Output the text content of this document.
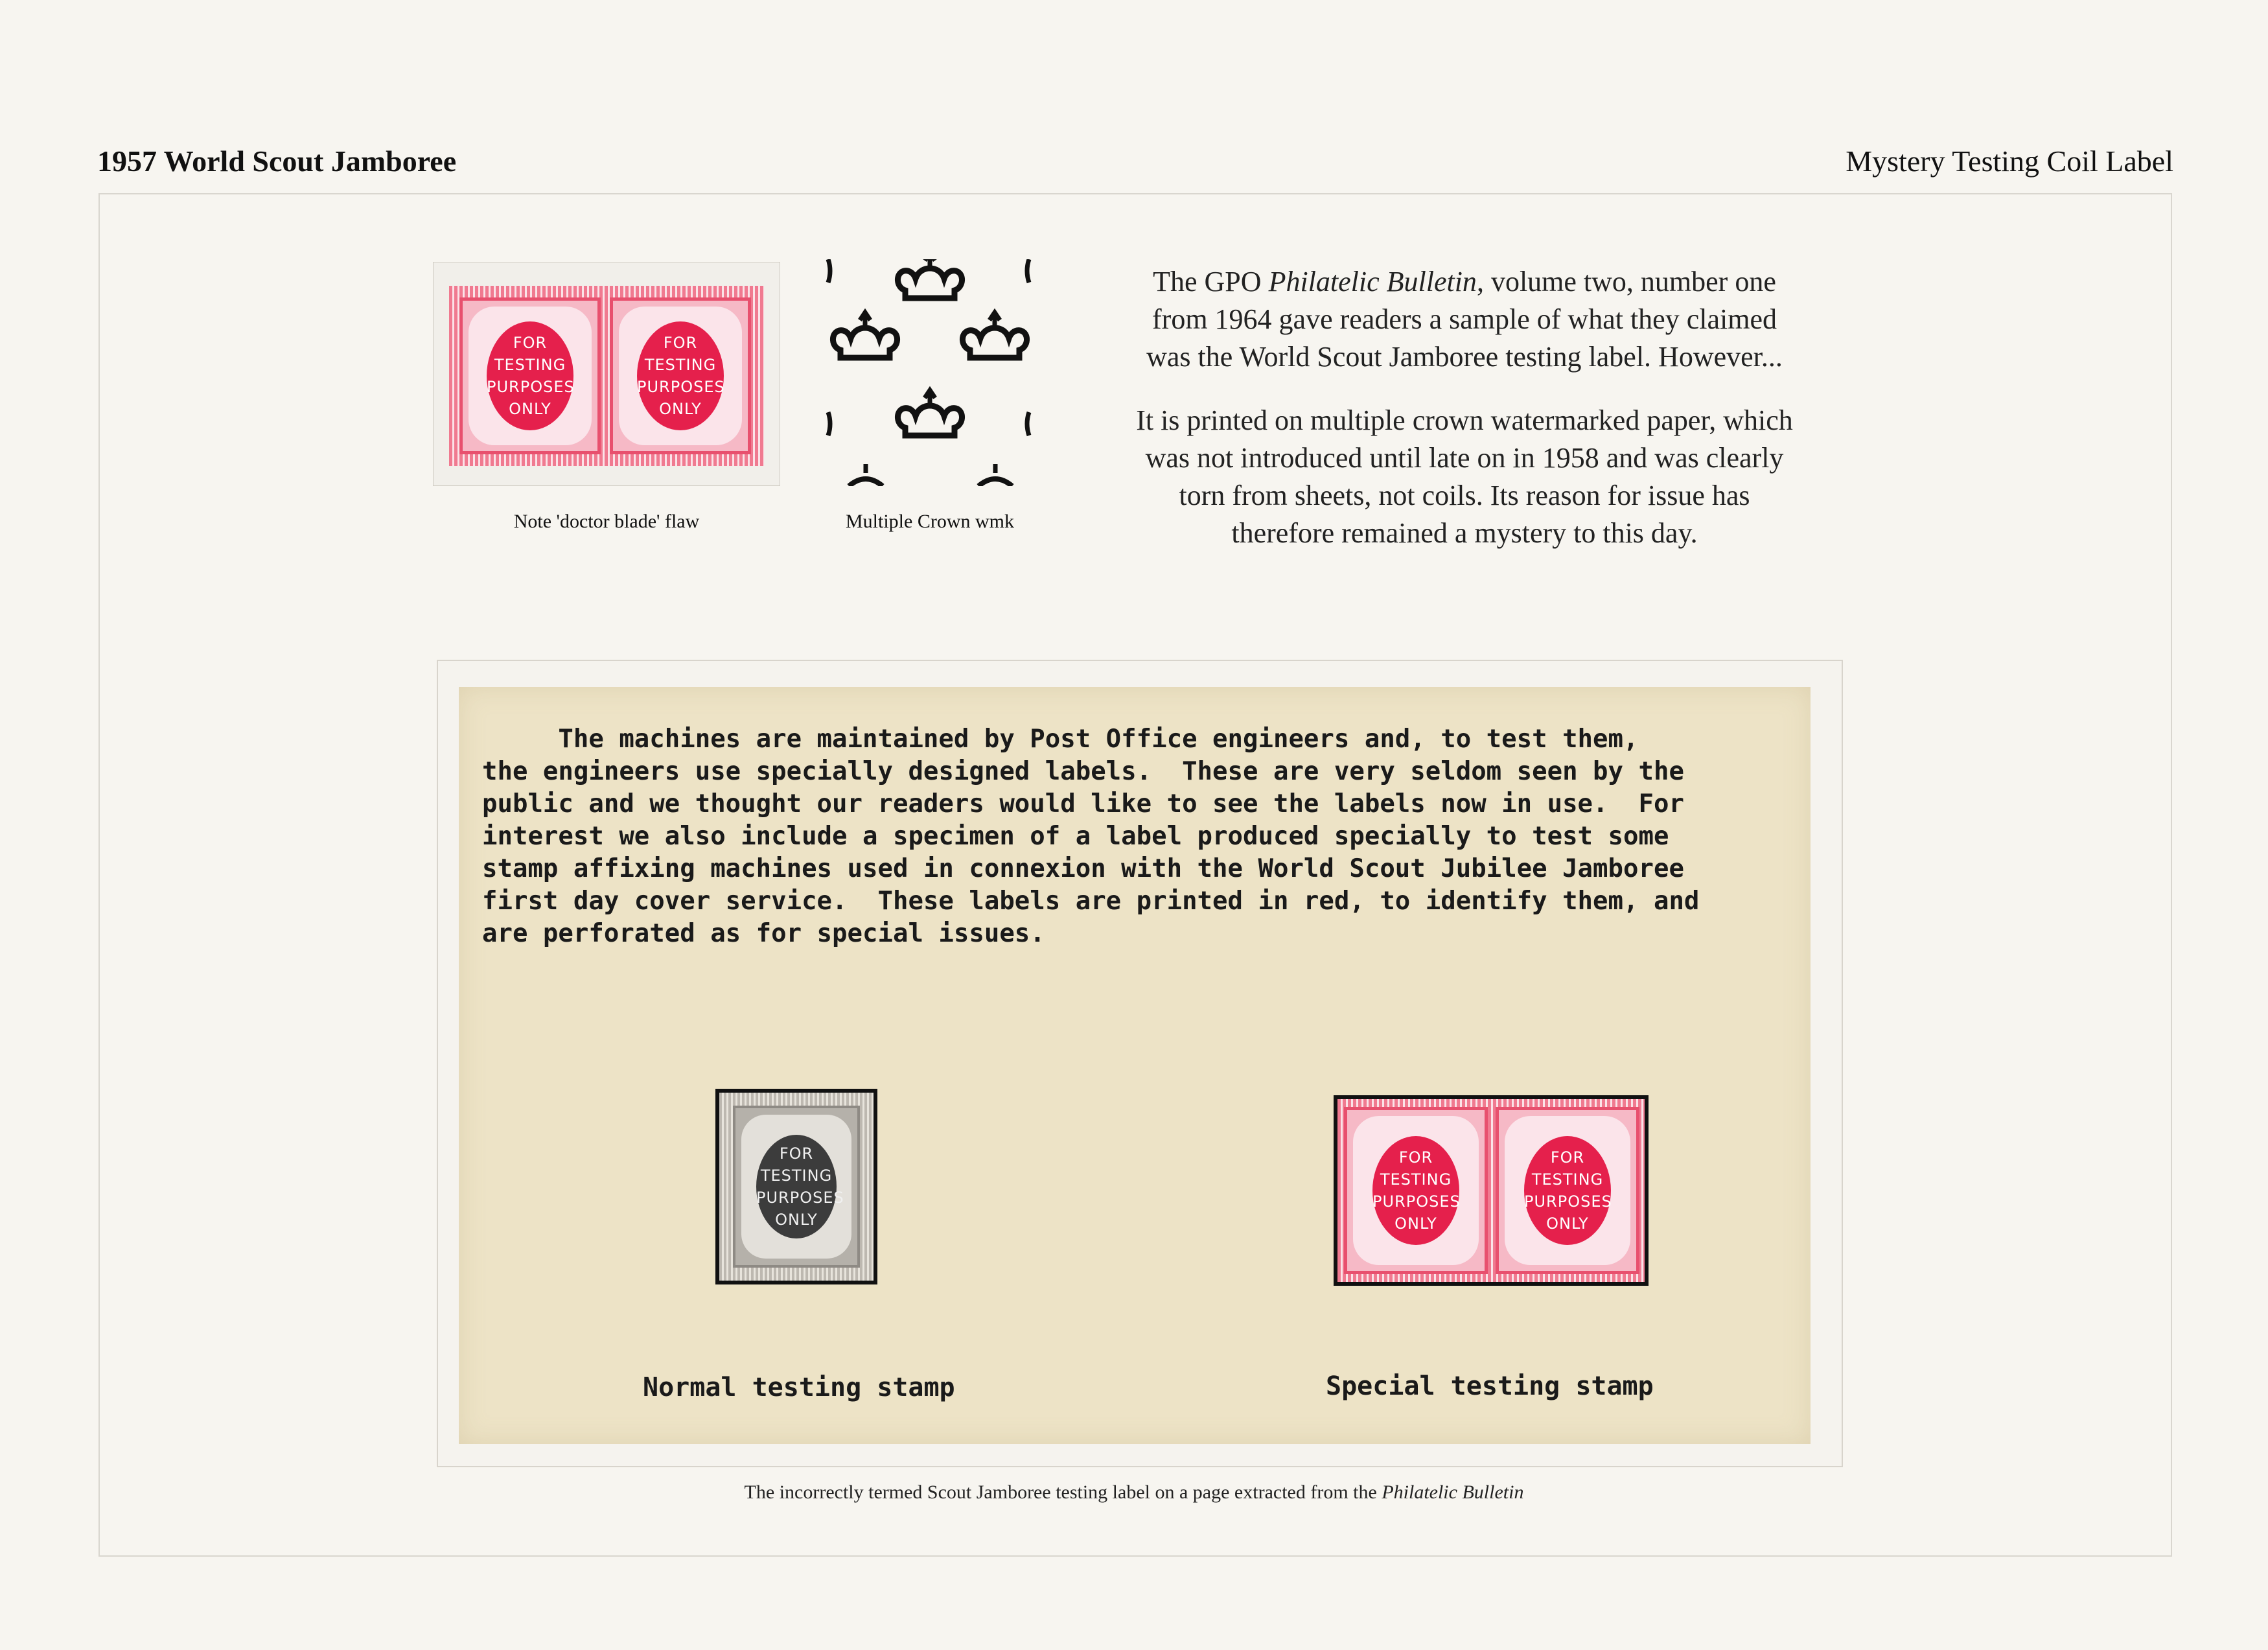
1957 World Scout Jamboree	Mystery Testing Coil Label
FOR
TESTING
PURPOSES
ONLY
FOR
TESTING
PURPOSES
ONLY
Note 'doctor blade' flaw	Multiple Crown wmk

The GPO Philatelic Bulletin, volume two, number one

from 1964 gave readers a sample of what they claimed

was the World Scout Jamboree testing label. However...

It is printed on multiple crown watermarked paper, which

was not introduced until late on in 1958 and was clearly

torn from sheets, not coils. Its reason for issue has

therefore remained a mystery to this day.

The machines are maintained by Post Office engineers and, to test them,
the engineers use specially designed labels.  These are very seldom seen by the
public and we thought our readers would like to see the labels now in use.  For
interest we also include a specimen of a label produced specially to test some
stamp affixing machines used in connexion with the World Scout Jubilee Jamboree
first day cover service.  These labels are printed in red, to identify them, and
are perforated as for special issues.
FOR
TESTING
PURPOSES
ONLY
FOR
TESTING
PURPOSES
ONLY
FOR
TESTING
PURPOSES
ONLY
Normal testing stamp	Special testing stamp
The incorrectly termed Scout Jamboree testing label on a page extracted from the Philatelic Bulletin
